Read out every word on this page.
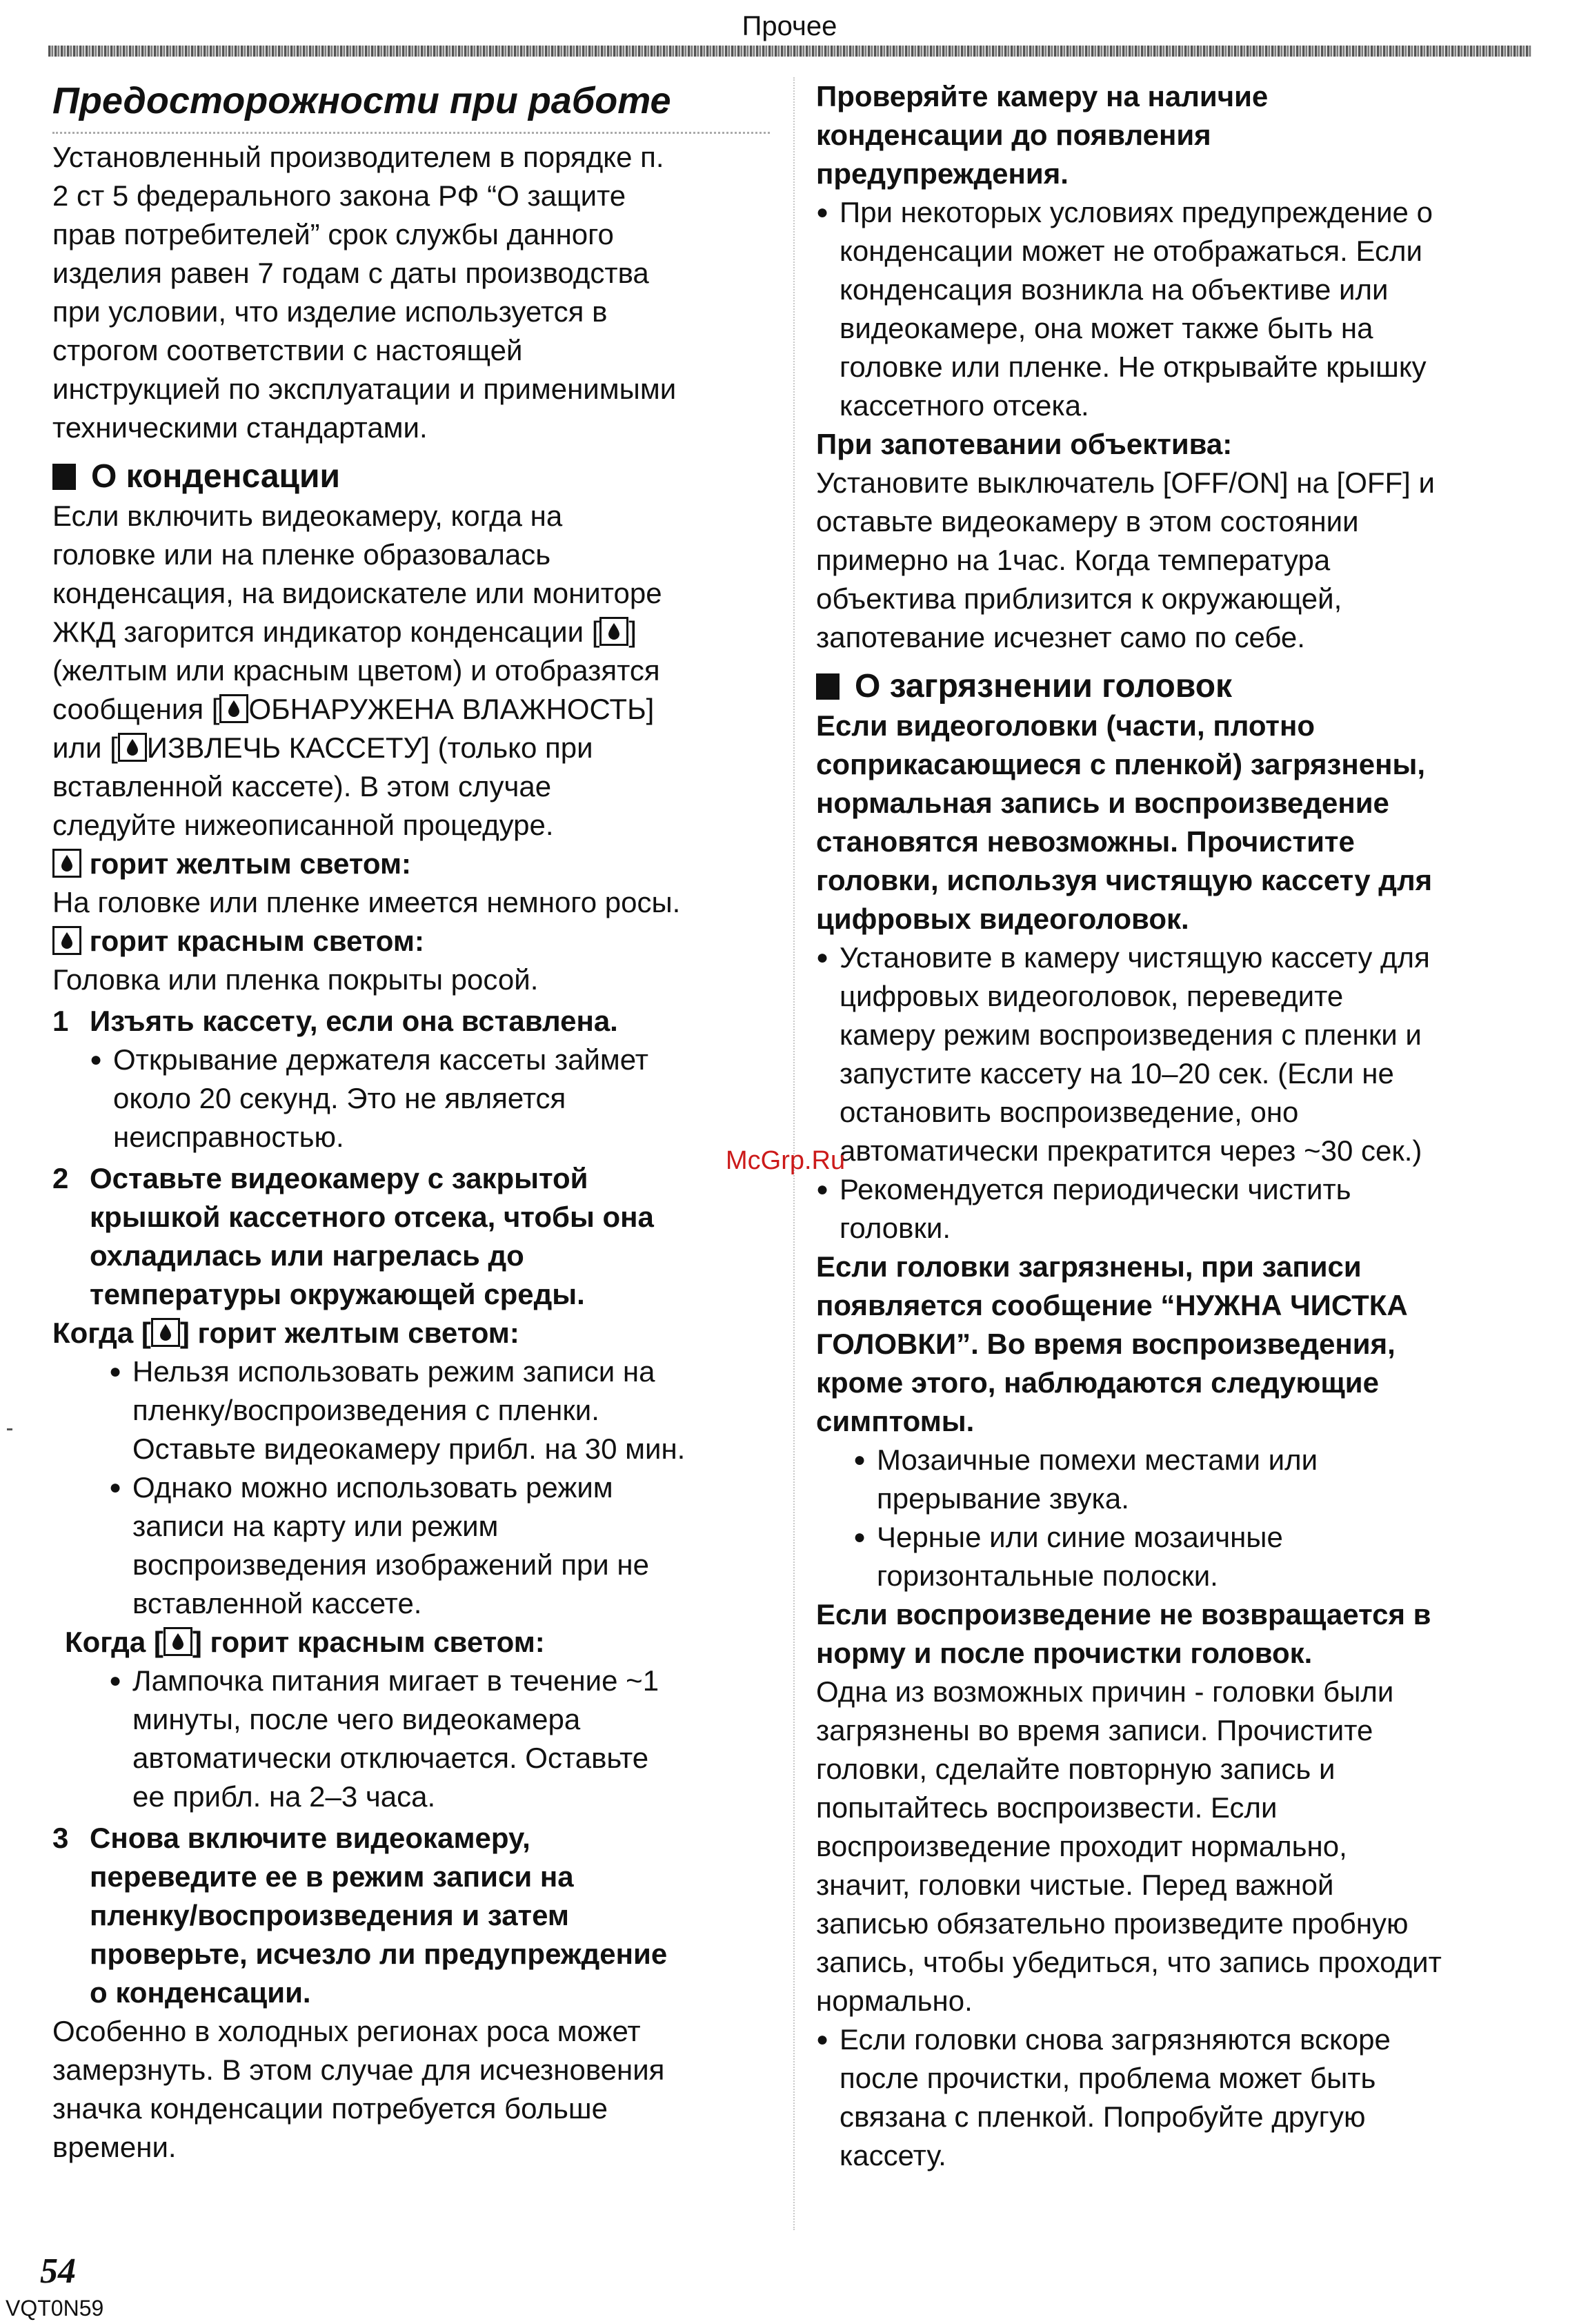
Прочее
Предосторожности при работе

Установленный производителем в порядке п.

2 ст 5 федерального закона РФ “О защите

прав потребителей” срок службы данного

изделия равен 7 годам с даты производства

при условии, что изделие используется в

строгом соответствии с настоящей

инструкцией по эксплуатации и применимыми

техническими стандартами.

О конденсации

Если включить видеокамеру, когда на

головке или на пленке образовалась

конденсация, на видоискателе или мониторе

ЖКД загорится индикатор конденсации [ ]

(желтым или красным цветом) и отобразятся

сообщения [ ОБНАРУЖЕНА ВЛАЖНОСТЬ]

или [ ИЗВЛЕЧЬ КАССЕТУ] (только при

вставленной кассете). В этом случае

следуйте нижеописанной процедуре.

горит желтым светом:

На головке или пленке имеется немного росы.

горит красным светом:

Головка или пленка покрыты росой.

1 Изъять кассету, если она вставлена.

● Открывание держателя кассеты займет

около 20 секунд. Это не является

неисправностью.

2 Оставьте видеокамеру с закрытой

крышкой кассетного отсека, чтобы она

охладилась или нагрелась до

температуры окружающей среды.

Когда [ ] горит желтым светом:

● Нельзя использовать режим записи на

пленку/воспроизведения с пленки.

Оставьте видеокамеру прибл. на 30 мин.

● Однако можно использовать режим

записи на карту или режим

воспроизведения изображений при не

вставленной кассете.

Когда [ ] горит красным светом:

● Лампочка питания мигает в течение ~1

минуты, после чего видеокамера

автоматически отключается. Оставьте

ее прибл. на 2–3 часа.

3 Снова включите видеокамеру,

переведите ее в режим записи на

пленку/воспроизведения и затем

проверьте, исчезло ли предупреждение

о конденсации.

Особенно в холодных регионах роса может

замерзнуть. В этом случае для исчезновения

значка конденсации потребуется больше

времени.

Проверяйте камеру на наличие

конденсации до появления

предупреждения.

● При некоторых условиях предупреждение о

конденсации может не отображаться. Если

конденсация возникла на объективе или

видеокамере, она может также быть на

головке или пленке. Не открывайте крышку

кассетного отсека.

При запотевании объектива:

Установите выключатель [OFF/ON] на [OFF] и

оставьте видеокамеру в этом состоянии

примерно на 1час. Когда температура

объектива приблизится к окружающей,

запотевание исчезнет само по себе.

О загрязнении головок

Если видеоголовки (части, плотно

соприкасающиеся с пленкой) загрязнены,

нормальная запись и воспроизведение

становятся невозможны. Прочистите

головки, используя чистящую кассету для

цифровых видеоголовок.

● Установите в камеру чистящую кассету для

цифровых видеоголовок, переведите

камеру режим воспроизведения с пленки и

запустите кассету на 10–20 сек. (Если не

остановить воспроизведение, оно

автоматически прекратится через ~30 сек.)

● Рекомендуется периодически чистить

головки.

Если головки загрязнены, при записи

появляется сообщение “НУЖНА ЧИСТКА

ГОЛОВКИ”. Во время воспроизведения,

кроме этого, наблюдаются следующие

симптомы.

● Мозаичные помехи местами или

прерывание звука.

● Черные или синие мозаичные

горизонтальные полоски.

Если воспроизведение не возвращается в

норму и после прочистки головок.

Одна из возможных причин - головки были

загрязнены во время записи. Прочистите

головки, сделайте повторную запись и

попытайтесь воспроизвести. Если

воспроизведение проходит нормально,

значит, головки чистые. Перед важной

записью обязательно произведите пробную

запись, чтобы убедиться, что запись проходит

нормально.

● Если головки снова загрязняются вскоре

после прочистки, проблема может быть

связана с пленкой. Попробуйте другую

кассету.

McGrp.Ru
54
VQT0N59
